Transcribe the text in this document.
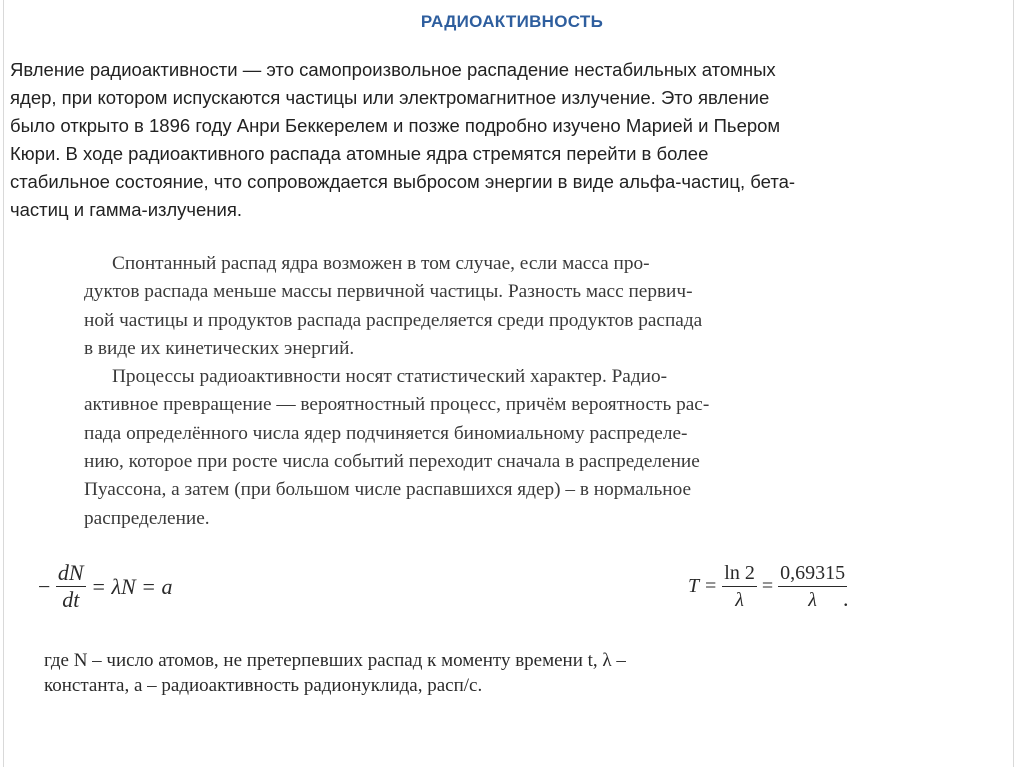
РАДИОАКТИВНОСТЬ
Явление радиоактивности — это самопроизвольное распадение нестабильных атомных
ядер, при котором испускаются частицы или электромагнитное излучение. Это явление
было открыто в 1896 году Анри Беккерелем и позже подробно изучено Марией и Пьером
Кюри. В ходе радиоактивного распада атомные ядра стремятся перейти в более
стабильное состояние, что сопровождается выбросом энергии в виде альфа-частиц, бета-
частиц и гамма-излучения.
Спонтанный распад ядра возможен в том случае, если масса про-
дуктов распада меньше массы первичной частицы. Разность масс первич-
ной частицы и продуктов распада распределяется среди продуктов распада
в виде их кинетических энергий.
Процессы радиоактивности носят статистический характер. Радио-
активное превращение — вероятностный процесс, причём вероятность рас-
пада определённого числа ядер подчиняется биномиальному распределе-
нию, которое при росте числа событий переходит сначала в распределение
Пуассона, а затем (при большом числе распавшихся ядер) – в нормальное
распределение.
− $\frac{dN}{dt} = \lambda N = a$	$T = \frac{\ln 2}{\lambda} = \frac{0,69315}{\lambda}$
.
где N – число атомов, не претерпевших распад к моменту времени t, λ –
константа, a – радиоактивность радионуклида, расп/с.
